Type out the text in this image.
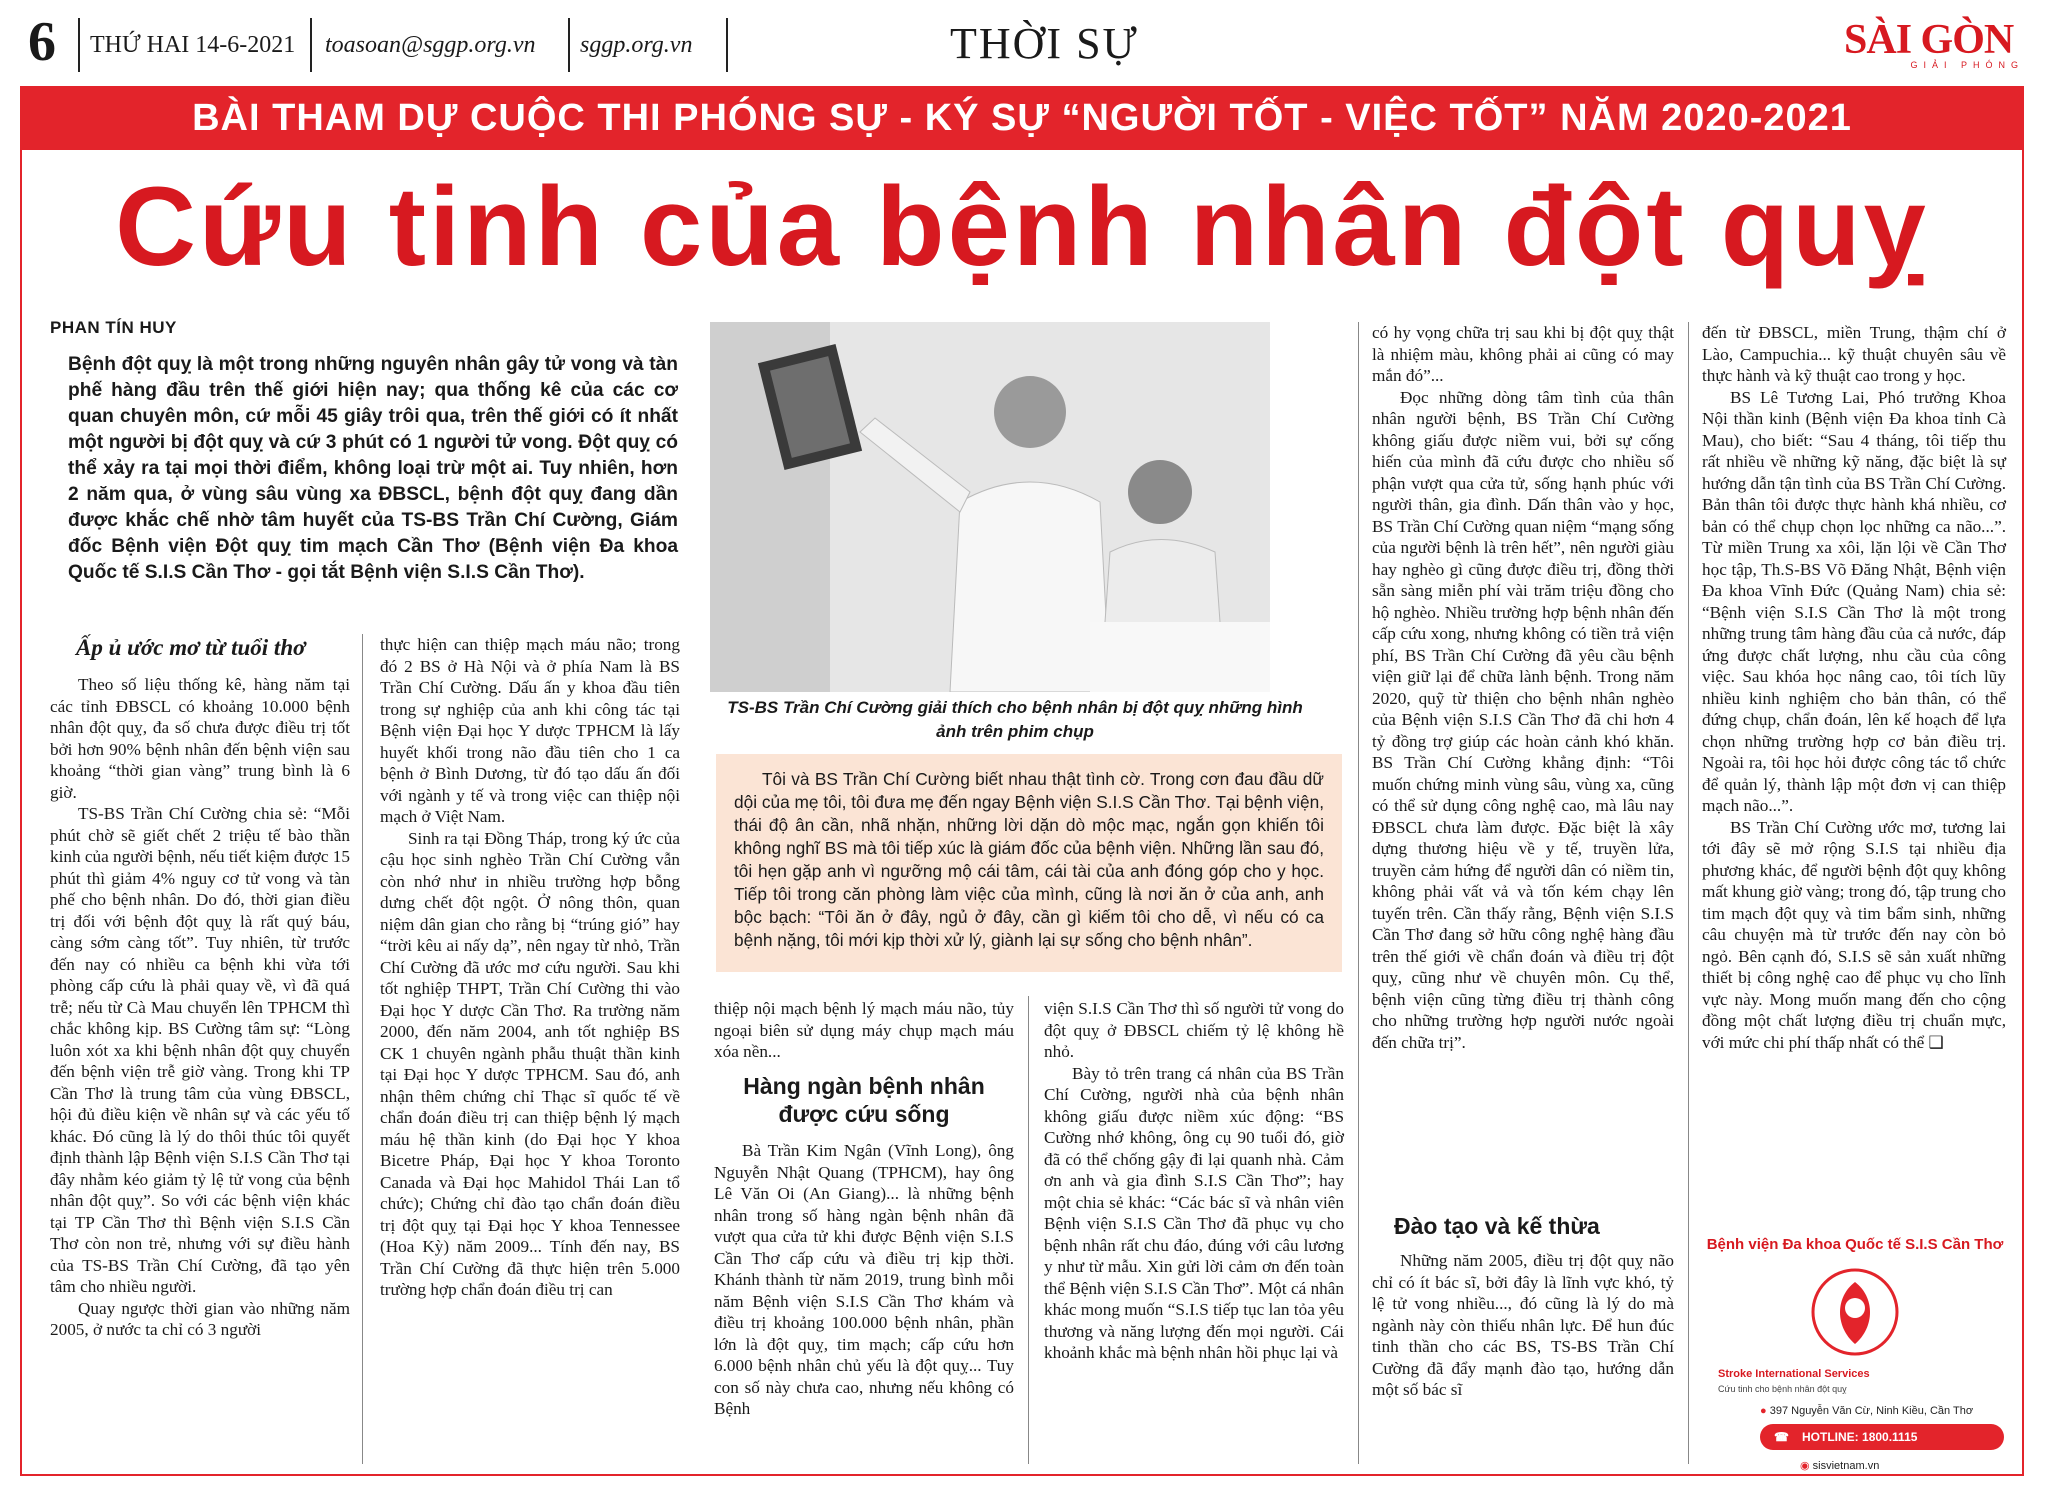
6 THỨ HAI 14-6-2021 toasoan@sggp.org.vn sggp.org.vn	THỜI SỰ	SÀI GÒN
GIẢI PHÓNG
BÀI THAM DỰ CUỘC THI PHÓNG SỰ - KÝ SỰ “NGƯỜI TỐT - VIỆC TỐT” NĂM 2020-2021
Cứu tinh của bệnh nhân đột quỵ
PHAN TÍN HUY
Bệnh đột quỵ là một trong những nguyên nhân gây tử vong và tàn phế hàng đầu trên thế giới hiện nay; qua thống kê của các cơ quan chuyên môn, cứ mỗi 45 giây trôi qua, trên thế giới có ít nhất một người bị đột quỵ và cứ 3 phút có 1 người tử vong. Đột quỵ có thể xảy ra tại mọi thời điểm, không loại trừ một ai. Tuy nhiên, hơn 2 năm qua, ở vùng sâu vùng xa ĐBSCL, bệnh đột quỵ đang dần được khắc chế nhờ tâm huyết của TS-BS Trần Chí Cường, Giám đốc Bệnh viện Đột quỵ tim mạch Cần Thơ (Bệnh viện Đa khoa Quốc tế S.I.S Cần Thơ - gọi tắt Bệnh viện S.I.S Cần Thơ).
Ấp ủ ước mơ từ tuổi thơ

Theo số liệu thống kê, hàng năm tại các tỉnh ĐBSCL có khoảng 10.000 bệnh nhân đột quỵ, đa số chưa được điều trị tốt bởi hơn 90% bệnh nhân đến bệnh viện sau khoảng “thời gian vàng” trung bình là 6 giờ.

TS-BS Trần Chí Cường chia sẻ: “Mỗi phút chờ sẽ giết chết 2 triệu tế bào thần kinh của người bệnh, nếu tiết kiệm được 15 phút thì giảm 4% nguy cơ tử vong và tàn phế cho bệnh nhân. Do đó, thời gian điều trị đối với bệnh đột quỵ là rất quý báu, càng sớm càng tốt”. Tuy nhiên, từ trước đến nay có nhiều ca bệnh khi vừa tới phòng cấp cứu là phải quay về, vì đã quá trễ; nếu từ Cà Mau chuyển lên TPHCM thì chắc không kịp. BS Cường tâm sự: “Lòng luôn xót xa khi bệnh nhân đột quỵ chuyển đến bệnh viện trễ giờ vàng. Trong khi TP Cần Thơ là trung tâm của vùng ĐBSCL, hội đủ điều kiện về nhân sự và các yếu tố khác. Đó cũng là lý do thôi thúc tôi quyết định thành lập Bệnh viện S.I.S Cần Thơ tại đây nhằm kéo giảm tỷ lệ tử vong của bệnh nhân đột quỵ”. So với các bệnh viện khác tại TP Cần Thơ thì Bệnh viện S.I.S Cần Thơ còn non trẻ, nhưng với sự điều hành của TS-BS Trần Chí Cường, đã tạo yên tâm cho nhiều người.

Quay ngược thời gian vào những năm 2005, ở nước ta chỉ có 3 người

thực hiện can thiệp mạch máu não; trong đó 2 BS ở Hà Nội và ở phía Nam là BS Trần Chí Cường. Dấu ấn y khoa đầu tiên trong sự nghiệp của anh khi công tác tại Bệnh viện Đại học Y dược TPHCM là lấy huyết khối trong não đầu tiên cho 1 ca bệnh ở Bình Dương, từ đó tạo dấu ấn đối với ngành y tế và trong việc can thiệp nội mạch ở Việt Nam.

Sinh ra tại Đồng Tháp, trong ký ức của cậu học sinh nghèo Trần Chí Cường vẫn còn nhớ như in nhiều trường hợp bỗng dưng chết đột ngột. Ở nông thôn, quan niệm dân gian cho rằng bị “trúng gió” hay “trời kêu ai nấy dạ”, nên ngay từ nhỏ, Trần Chí Cường đã ước mơ cứu người. Sau khi tốt nghiệp THPT, Trần Chí Cường thi vào Đại học Y dược Cần Thơ. Ra trường năm 2000, đến năm 2004, anh tốt nghiệp BS CK 1 chuyên ngành phẫu thuật thần kinh tại Đại học Y dược TPHCM. Sau đó, anh nhận thêm chứng chỉ Thạc sĩ quốc tế về chẩn đoán điều trị can thiệp bệnh lý mạch máu hệ thần kinh (do Đại học Y khoa Bicetre Pháp, Đại học Y khoa Toronto Canada và Đại học Mahidol Thái Lan tổ chức); Chứng chỉ đào tạo chẩn đoán điều trị đột quỵ tại Đại học Y khoa Tennessee (Hoa Kỳ) năm 2009... Tính đến nay, BS Trần Chí Cường đã thực hiện trên 5.000 trường hợp chẩn đoán điều trị can

TS-BS Trần Chí Cường giải thích cho bệnh nhân bị đột quỵ những hình ảnh trên phim chụp

Tôi và BS Trần Chí Cường biết nhau thật tình cờ. Trong cơn đau đầu dữ dội của mẹ tôi, tôi đưa mẹ đến ngay Bệnh viện S.I.S Cần Thơ. Tại bệnh viện, thái độ ân cần, nhã nhặn, những lời dặn dò mộc mạc, ngắn gọn khiến tôi không nghĩ BS mà tôi tiếp xúc là giám đốc của bệnh viện. Những lần sau đó, tôi hẹn gặp anh vì ngưỡng mộ cái tâm, cái tài của anh đóng góp cho y học. Tiếp tôi trong căn phòng làm việc của mình, cũng là nơi ăn ở của anh, anh bộc bạch: “Tôi ăn ở đây, ngủ ở đây, cần gì kiếm tôi cho dễ, vì nếu có ca bệnh nặng, tôi mới kịp thời xử lý, giành lại sự sống cho bệnh nhân”.

thiệp nội mạch bệnh lý mạch máu não, tủy ngoại biên sử dụng máy chụp mạch máu xóa nền...

Hàng ngàn bệnh nhân
được cứu sống

Bà Trần Kim Ngân (Vĩnh Long), ông Nguyễn Nhật Quang (TPHCM), hay ông Lê Văn Oi (An Giang)... là những bệnh nhân trong số hàng ngàn bệnh nhân đã vượt qua cửa tử khi được Bệnh viện S.I.S Cần Thơ cấp cứu và điều trị kịp thời. Khánh thành từ năm 2019, trung bình mỗi năm Bệnh viện S.I.S Cần Thơ khám và điều trị khoảng 100.000 bệnh nhân, phần lớn là đột quỵ, tim mạch; cấp cứu hơn 6.000 bệnh nhân chủ yếu là đột quỵ... Tuy con số này chưa cao, nhưng nếu không có Bệnh

viện S.I.S Cần Thơ thì số người tử vong do đột quỵ ở ĐBSCL chiếm tỷ lệ không hề nhỏ.

Bày tỏ trên trang cá nhân của BS Trần Chí Cường, người nhà của bệnh nhân không giấu được niềm xúc động: “BS Cường nhớ không, ông cụ 90 tuổi đó, giờ đã có thể chống gậy đi lại quanh nhà. Cảm ơn anh và gia đình S.I.S Cần Thơ”; hay một chia sẻ khác: “Các bác sĩ và nhân viên Bệnh viện S.I.S Cần Thơ đã phục vụ cho bệnh nhân rất chu đáo, đúng với câu lương y như từ mẫu. Xin gửi lời cảm ơn đến toàn thể Bệnh viện S.I.S Cần Thơ”. Một cá nhân khác mong muốn “S.I.S tiếp tục lan tỏa yêu thương và năng lượng đến mọi người. Cái khoảnh khắc mà bệnh nhân hồi phục lại và

có hy vọng chữa trị sau khi bị đột quỵ thật là nhiệm màu, không phải ai cũng có may mắn đó”...

Đọc những dòng tâm tình của thân nhân người bệnh, BS Trần Chí Cường không giấu được niềm vui, bởi sự cống hiến của mình đã cứu được cho nhiều số phận vượt qua cửa tử, sống hạnh phúc với người thân, gia đình. Dấn thân vào y học, BS Trần Chí Cường quan niệm “mạng sống của người bệnh là trên hết”, nên người giàu hay nghèo gì cũng được điều trị, đồng thời sẵn sàng miễn phí vài trăm triệu đồng cho hộ nghèo. Nhiều trường hợp bệnh nhân đến cấp cứu xong, nhưng không có tiền trả viện phí, BS Trần Chí Cường đã yêu cầu bệnh viện giữ lại để chữa lành bệnh. Trong năm 2020, quỹ từ thiện cho bệnh nhân nghèo của Bệnh viện S.I.S Cần Thơ đã chi hơn 4 tỷ đồng trợ giúp các hoàn cảnh khó khăn. BS Trần Chí Cường khẳng định: “Tôi muốn chứng minh vùng sâu, vùng xa, cũng có thể sử dụng công nghệ cao, mà lâu nay ĐBSCL chưa làm được. Đặc biệt là xây dựng thương hiệu về y tế, truyền lửa, truyền cảm hứng để người dân có niềm tin, không phải vất vả và tốn kém chạy lên tuyến trên. Cần thấy rằng, Bệnh viện S.I.S Cần Thơ đang sở hữu công nghệ hàng đầu trên thế giới về chẩn đoán và điều trị đột quỵ, cũng như về chuyên môn. Cụ thể, bệnh viện cũng từng điều trị thành công cho những trường hợp người nước ngoài đến chữa trị”.

Đào tạo và kế thừa

Những năm 2005, điều trị đột quỵ não chỉ có ít bác sĩ, bởi đây là lĩnh vực khó, tỷ lệ tử vong nhiều..., đó cũng là lý do mà ngành này còn thiếu nhân lực. Để hun đúc tinh thần cho các BS, TS-BS Trần Chí Cường đã đẩy mạnh đào tạo, hướng dẫn một số bác sĩ

đến từ ĐBSCL, miền Trung, thậm chí ở Lào, Campuchia... kỹ thuật chuyên sâu về thực hành và kỹ thuật cao trong y học.

BS Lê Tương Lai, Phó trưởng Khoa Nội thần kinh (Bệnh viện Đa khoa tỉnh Cà Mau), cho biết: “Sau 4 tháng, tôi tiếp thu rất nhiều về những kỹ năng, đặc biệt là sự hướng dẫn tận tình của BS Trần Chí Cường. Bản thân tôi được thực hành khá nhiều, cơ bản có thể chụp chọn lọc những ca não...”. Từ miền Trung xa xôi, lặn lội về Cần Thơ học tập, Th.S-BS Võ Đăng Nhật, Bệnh viện Đa khoa Vĩnh Đức (Quảng Nam) chia sẻ: “Bệnh viện S.I.S Cần Thơ là một trong những trung tâm hàng đầu của cả nước, đáp ứng được chất lượng, nhu cầu của công việc. Sau khóa học nâng cao, tôi tích lũy nhiều kinh nghiệm cho bản thân, có thể đứng chụp, chẩn đoán, lên kế hoạch để lựa chọn những trường hợp cơ bản điều trị. Ngoài ra, tôi học hỏi được công tác tổ chức để quản lý, thành lập một đơn vị can thiệp mạch não...”.

BS Trần Chí Cường ước mơ, tương lai tới đây sẽ mở rộng S.I.S tại nhiều địa phương khác, để người bệnh đột quỵ không mất khung giờ vàng; trong đó, tập trung cho tim mạch đột quỵ và tim bẩm sinh, những câu chuyện mà từ trước đến nay còn bỏ ngỏ. Bên cạnh đó, S.I.S sẽ sản xuất những thiết bị công nghệ cao để phục vụ cho lĩnh vực này. Mong muốn mang đến cho cộng đồng một chất lượng điều trị chuẩn mực, với mức chi phí thấp nhất có thể ❑

Bệnh viện Đa khoa Quốc tế S.I.S Cần Thơ
Stroke International Services
Cứu tinh cho bệnh nhân đột quỵ
● 397 Nguyễn Văn Cừ, Ninh Kiều, Cần Thơ
☎ HOTLINE: 1800.1115
◉ sisvietnam.vn
